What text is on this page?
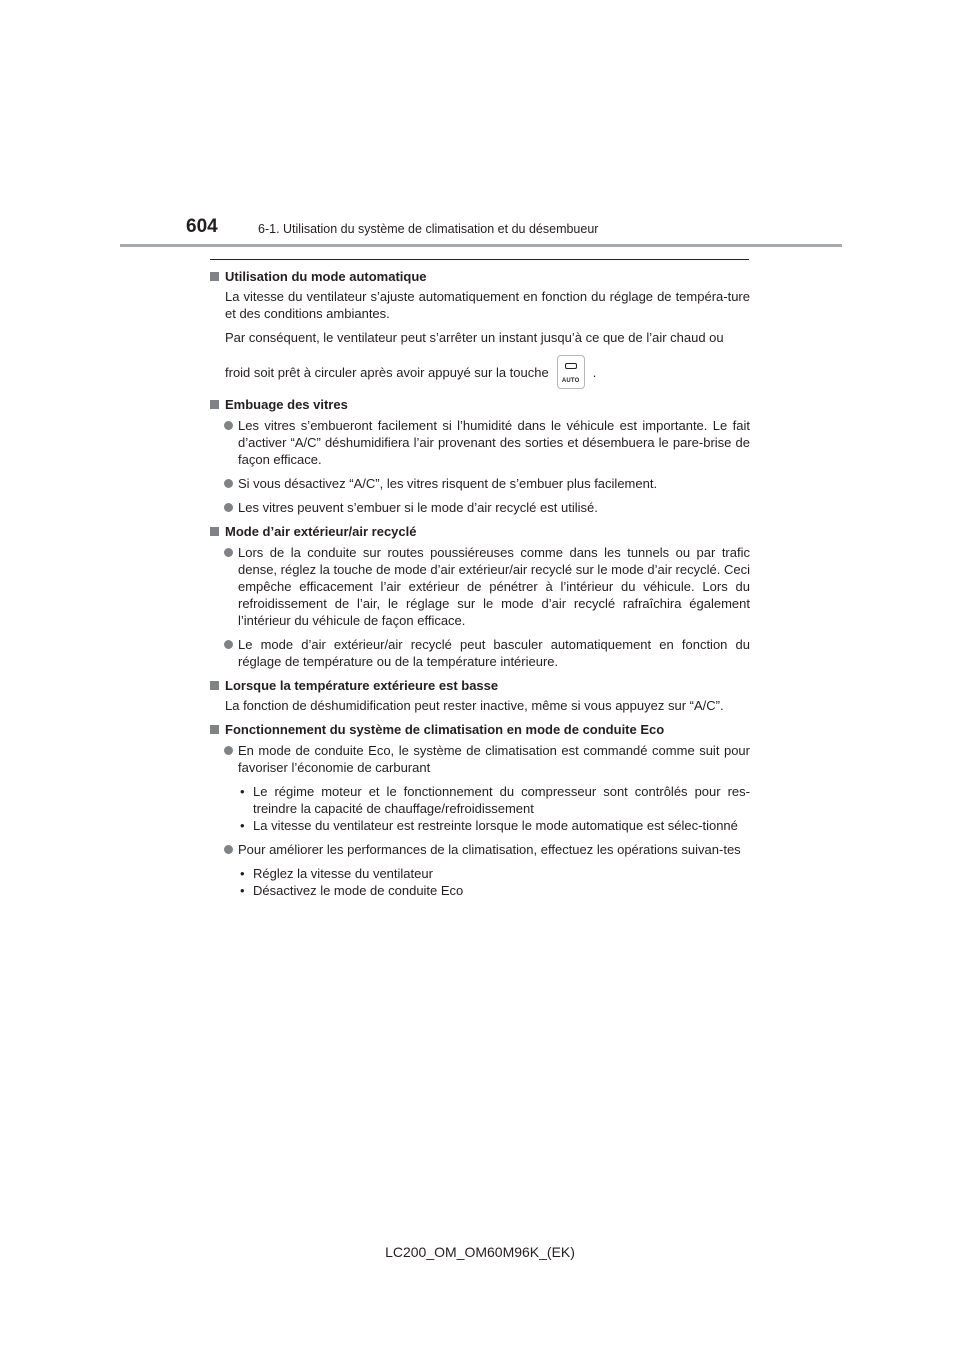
604	6-1. Utilisation du système de climatisation et du désembueur
Utilisation du mode automatique
La vitesse du ventilateur s’ajuste automatiquement en fonction du réglage de tempéra-ture et des conditions ambiantes.
Par conséquent, le ventilateur peut s’arrêter un instant jusqu’à ce que de l’air chaud ou
froid soit prêt à circuler après avoir appuyé sur la touche
AUTO
.
Embuage des vitres
Les vitres s’embueront facilement si l’humidité dans le véhicule est importante. Le fait d’activer “A/C” déshumidifiera l’air provenant des sorties et désembuera le pare-brise de façon efficace.
Si vous désactivez “A/C”, les vitres risquent de s’embuer plus facilement.
Les vitres peuvent s’embuer si le mode d’air recyclé est utilisé.
Mode d’air extérieur/air recyclé
Lors de la conduite sur routes poussiéreuses comme dans les tunnels ou par trafic dense, réglez la touche de mode d’air extérieur/air recyclé sur le mode d’air recyclé. Ceci empêche efficacement l’air extérieur de pénétrer à l’intérieur du véhicule. Lors du refroidissement de l’air, le réglage sur le mode d’air recyclé rafraîchira également l’intérieur du véhicule de façon efficace.
Le mode d’air extérieur/air recyclé peut basculer automatiquement en fonction du réglage de température ou de la température intérieure.
Lorsque la température extérieure est basse
La fonction de déshumidification peut rester inactive, même si vous appuyez sur “A/C”.
Fonctionnement du système de climatisation en mode de conduite Eco
En mode de conduite Eco, le système de climatisation est commandé comme suit pour favoriser l’économie de carburant
• Le régime moteur et le fonctionnement du compresseur sont contrôlés pour res-treindre la capacité de chauffage/refroidissement
• La vitesse du ventilateur est restreinte lorsque le mode automatique est sélec-tionné
Pour améliorer les performances de la climatisation, effectuez les opérations suivan-tes
• Réglez la vitesse du ventilateur
• Désactivez le mode de conduite Eco
LC200_OM_OM60M96K_(EK)
